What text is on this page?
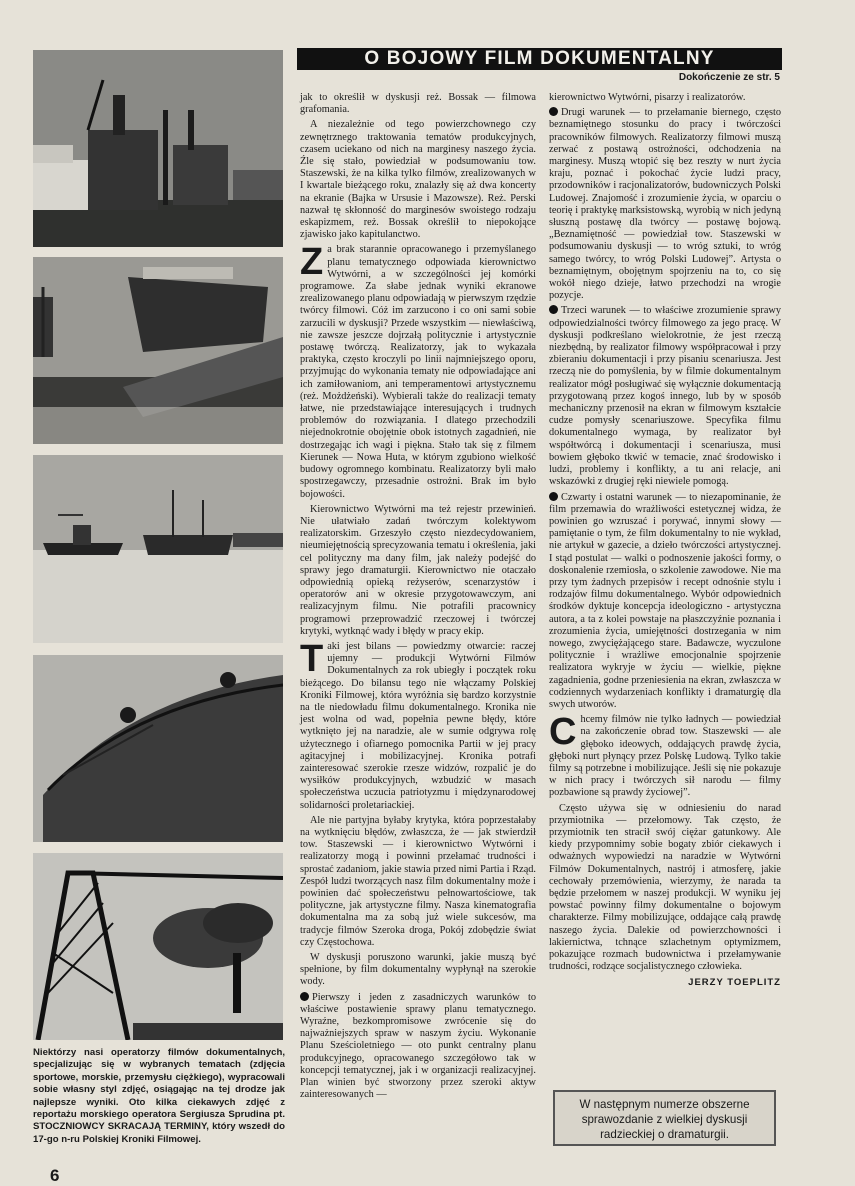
Niektórzy nasi operatorzy filmów dokumentalnych, specjalizując się w wybranych tematach (zdjęcia sportowe, morskie, przemysłu ciężkiego), wypracowali sobie własny styl zdjęć, osiągając na tej drodze jak najlepsze wyniki. Oto kilka ciekawych zdjęć z reportażu morskiego operatora Sergiusza Sprudina pt. STOCZNIOWCY SKRACAJĄ TERMINY, który wszedł do 17-go n-ru Polskiej Kroniki Filmowej.

O BOJOWY FILM DOKUMENTALNY
Dokończenie ze str. 5

jak to określił w dyskusji reż. Bossak — filmowa grafomania.

A niezależnie od tego powierzchownego czy zewnętrznego traktowania tematów produkcyjnych, czasem uciekano od nich na marginesy naszego życia. Źle się stało, powiedział w podsumowaniu tow. Staszewski, że na kilka tylko filmów, zrealizowanych w I kwartale bieżącego roku, znalazły się aż dwa koncerty na ekranie (Bajka w Ursusie i Mazowsze). Reż. Perski nazwał tę skłonność do marginesów swoistego rodzaju eskapizmem, reż. Bossak określił to niepokojące zjawisko jako kapitulanctwo.

Za brak starannie opracowanego i przemyślanego planu tematycznego odpowiada kierownictwo Wytwórni, a w szczególności jej komórki programowe. Za słabe jednak wyniki ekranowe zrealizowanego planu odpowiadają w pierwszym rzędzie twórcy filmowi. Cóż im zarzucono i co oni sami sobie zarzucili w dyskusji? Przede wszystkim — niewłaściwą, nie zawsze jeszcze dojrzałą politycznie i artystycznie postawę twórczą. Realizatorzy, jak to wykazała praktyka, często kroczyli po linii najmniejszego oporu, przyjmując do wykonania tematy nie odpowiadające ani ich zamiłowaniom, ani temperamentowi artystycznemu (reż. Możdżeński). Wybierali także do realizacji tematy łatwe, nie przedstawiające interesujących i trudnych problemów do rozwiązania. I dlatego przechodzili niejednokrotnie obojętnie obok istotnych zagadnień, nie dostrzegając ich wagi i piękna. Stało tak się z filmem Kierunek — Nowa Huta, w którym zgubiono wielkość budowy ogromnego kombinatu. Realizatorzy byli mało spostrzegawczy, przesadnie ostrożni. Brak im było bojowości.

Kierownictwo Wytwórni ma też rejestr przewinień. Nie ułatwiało zadań twórczym kolektywom realizatorskim. Grzeszyło często niezdecydowaniem, nieumiejętnością sprecyzowania tematu i określenia, jaki cel polityczny ma dany film, jak należy podejść do sprawy jego dramaturgii. Kierownictwo nie otaczało odpowiednią opieką reżyserów, scenarzystów i operatorów ani w okresie przygotowawczym, ani realizacyjnym filmu. Nie potrafili pracownicy programowi przeprowadzić rzeczowej i twórczej krytyki, wytknąć wady i błędy w pracy ekip.

Taki jest bilans — powiedzmy otwarcie: raczej ujemny — produkcji Wytwórni Filmów Dokumentalnych za rok ubiegły i początek roku bieżącego. Do bilansu tego nie włączamy Polskiej Kroniki Filmowej, która wyróżnia się bardzo korzystnie na tle niedowładu filmu dokumentalnego. Kronika nie jest wolna od wad, popełnia pewne błędy, które wytknięto jej na naradzie, ale w sumie odgrywa rolę użytecznego i ofiarnego pomocnika Partii w jej pracy agitacyjnej i mobilizacyjnej. Kronika potrafi zainteresować szerokie rzesze widzów, rozpalić je do wysiłków produkcyjnych, wzbudzić w masach społeczeństwa uczucia patriotyzmu i międzynarodowej solidarności proletariackiej.

Ale nie partyjna byłaby krytyka, która poprzestałaby na wytknięciu błędów, zwłaszcza, że — jak stwierdził tow. Staszewski — i kierownictwo Wytwórni i realizatorzy mogą i powinni przełamać trudności i sprostać zadaniom, jakie stawia przed nimi Partia i Rząd. Zespół ludzi tworzących nasz film dokumentalny może i powinien dać społeczeństwu pełnowartościowe, tak polityczne, jak artystyczne filmy. Nasza kinematografia dokumentalna ma za sobą już wiele sukcesów, ma tradycje filmów Szeroka droga, Pokój zdobędzie świat czy Częstochowa.

W dyskusji poruszono warunki, jakie muszą być spełnione, by film dokumentalny wypłynął na szerokie wody.

Pierwszy i jeden z zasadniczych warunków to właściwe postawienie sprawy planu tematycznego. Wyraźne, bezkompromisowe zwrócenie się do najważniejszych spraw w naszym życiu. Wykonanie Planu Sześcioletniego — oto punkt centralny planu produkcyjnego, opracowanego szczegółowo tak w koncepcji tematycznej, jak i w organizacji realizacyjnej. Plan winien być stworzony przez szeroki aktyw zainteresowanych —

kierownictwo Wytwórni, pisarzy i realizatorów.

Drugi warunek — to przełamanie biernego, często beznamiętnego stosunku do pracy i twórczości pracowników filmowych. Realizatorzy filmowi muszą zerwać z postawą ostrożności, odchodzenia na marginesy. Muszą wtopić się bez reszty w nurt życia kraju, poznać i pokochać życie ludzi pracy, przodowników i racjonalizatorów, budowniczych Polski Ludowej. Znajomość i zrozumienie życia, w oparciu o teorię i praktykę marksistowską, wyrobią w nich jedyną słuszną postawę dla twórcy — postawę bojową. „Beznamiętność — powiedział tow. Staszewski w podsumowaniu dyskusji — to wróg sztuki, to wróg samego twórcy, to wróg Polski Ludowej”. Artysta o beznamiętnym, obojętnym spojrzeniu na to, co się wokół niego dzieje, łatwo przechodzi na wrogie pozycje.

Trzeci warunek — to właściwe zrozumienie sprawy odpowiedzialności twórcy filmowego za jego pracę. W dyskusji podkreślano wielokrotnie, że jest rzeczą niezbędną, by realizator filmowy współpracował i przy zbieraniu dokumentacji i przy pisaniu scenariusza. Jest rzeczą nie do pomyślenia, by w filmie dokumentalnym realizator mógł posługiwać się wyłącznie dokumentacją przygotowaną przez kogoś innego, lub by w sposób mechaniczny przenosił na ekran w filmowym kształcie cudze pomysły scenariuszowe. Specyfika filmu dokumentalnego wymaga, by realizator był współtwórcą i dokumentacji i scenariusza, musi bowiem głęboko tkwić w temacie, znać środowisko i ludzi, problemy i konflikty, a tu ani relacje, ani wskazówki z drugiej ręki niewiele pomogą.

Czwarty i ostatni warunek — to niezapominanie, że film przemawia do wrażliwości estetycznej widza, że powinien go wzruszać i porywać, innymi słowy — pamiętanie o tym, że film dokumentalny to nie wykład, nie artykuł w gazecie, a dzieło twórczości artystycznej. I stąd postulat — walki o podnoszenie jakości formy, o doskonalenie rzemiosła, o szkolenie zawodowe. Nie ma przy tym żadnych przepisów i recept odnośnie stylu i rodzajów filmu dokumentalnego. Wybór odpowiednich środków dyktuje koncepcja ideologiczno - artystyczna autora, a ta z kolei powstaje na płaszczyźnie poznania i zrozumienia życia, umiejętności dostrzegania w nim nowego, zwyciężającego stare. Badawcze, wyczulone politycznie i wrażliwe emocjonalnie spojrzenie realizatora wykryje w życiu — wielkie, piękne zagadnienia, godne przeniesienia na ekran, zwłaszcza w codziennych wydarzeniach konflikty i dramaturgię dla swych utworów.

Chcemy filmów nie tylko ładnych — powiedział na zakończenie obrad tow. Staszewski — ale głęboko ideowych, oddających prawdę życia, głęboki nurt płynący przez Polskę Ludową. Tylko takie filmy są potrzebne i mobilizujące. Jeśli się nie pokazuje w nich pracy i twórczych sił narodu — filmy pozbawione są prawdy życiowej”.

Często używa się w odniesieniu do narad przymiotnika — przełomowy. Tak często, że przymiotnik ten stracił swój ciężar gatunkowy. Ale kiedy przypomnimy sobie bogaty zbiór ciekawych i odważnych wypowiedzi na naradzie w Wytwórni Filmów Dokumentalnych, nastrój i atmosferę, jakie cechowały przemówienia, wierzymy, że narada ta będzie przełomem w naszej produkcji. W wyniku jej powstać powinny filmy dokumentalne o bojowym charakterze. Filmy mobilizujące, oddające całą prawdę naszego życia. Dalekie od powierzchowności i lakiernictwa, tchnące szlachetnym optymizmem, pokazujące rozmach budownictwa i przełamywanie trudności, rodzące socjalistycznego człowieka.

JERZY TOEPLITZ
W następnym numerze obszerne sprawozdanie z wielkiej dyskusji radzieckiej o dramaturgii.
6
